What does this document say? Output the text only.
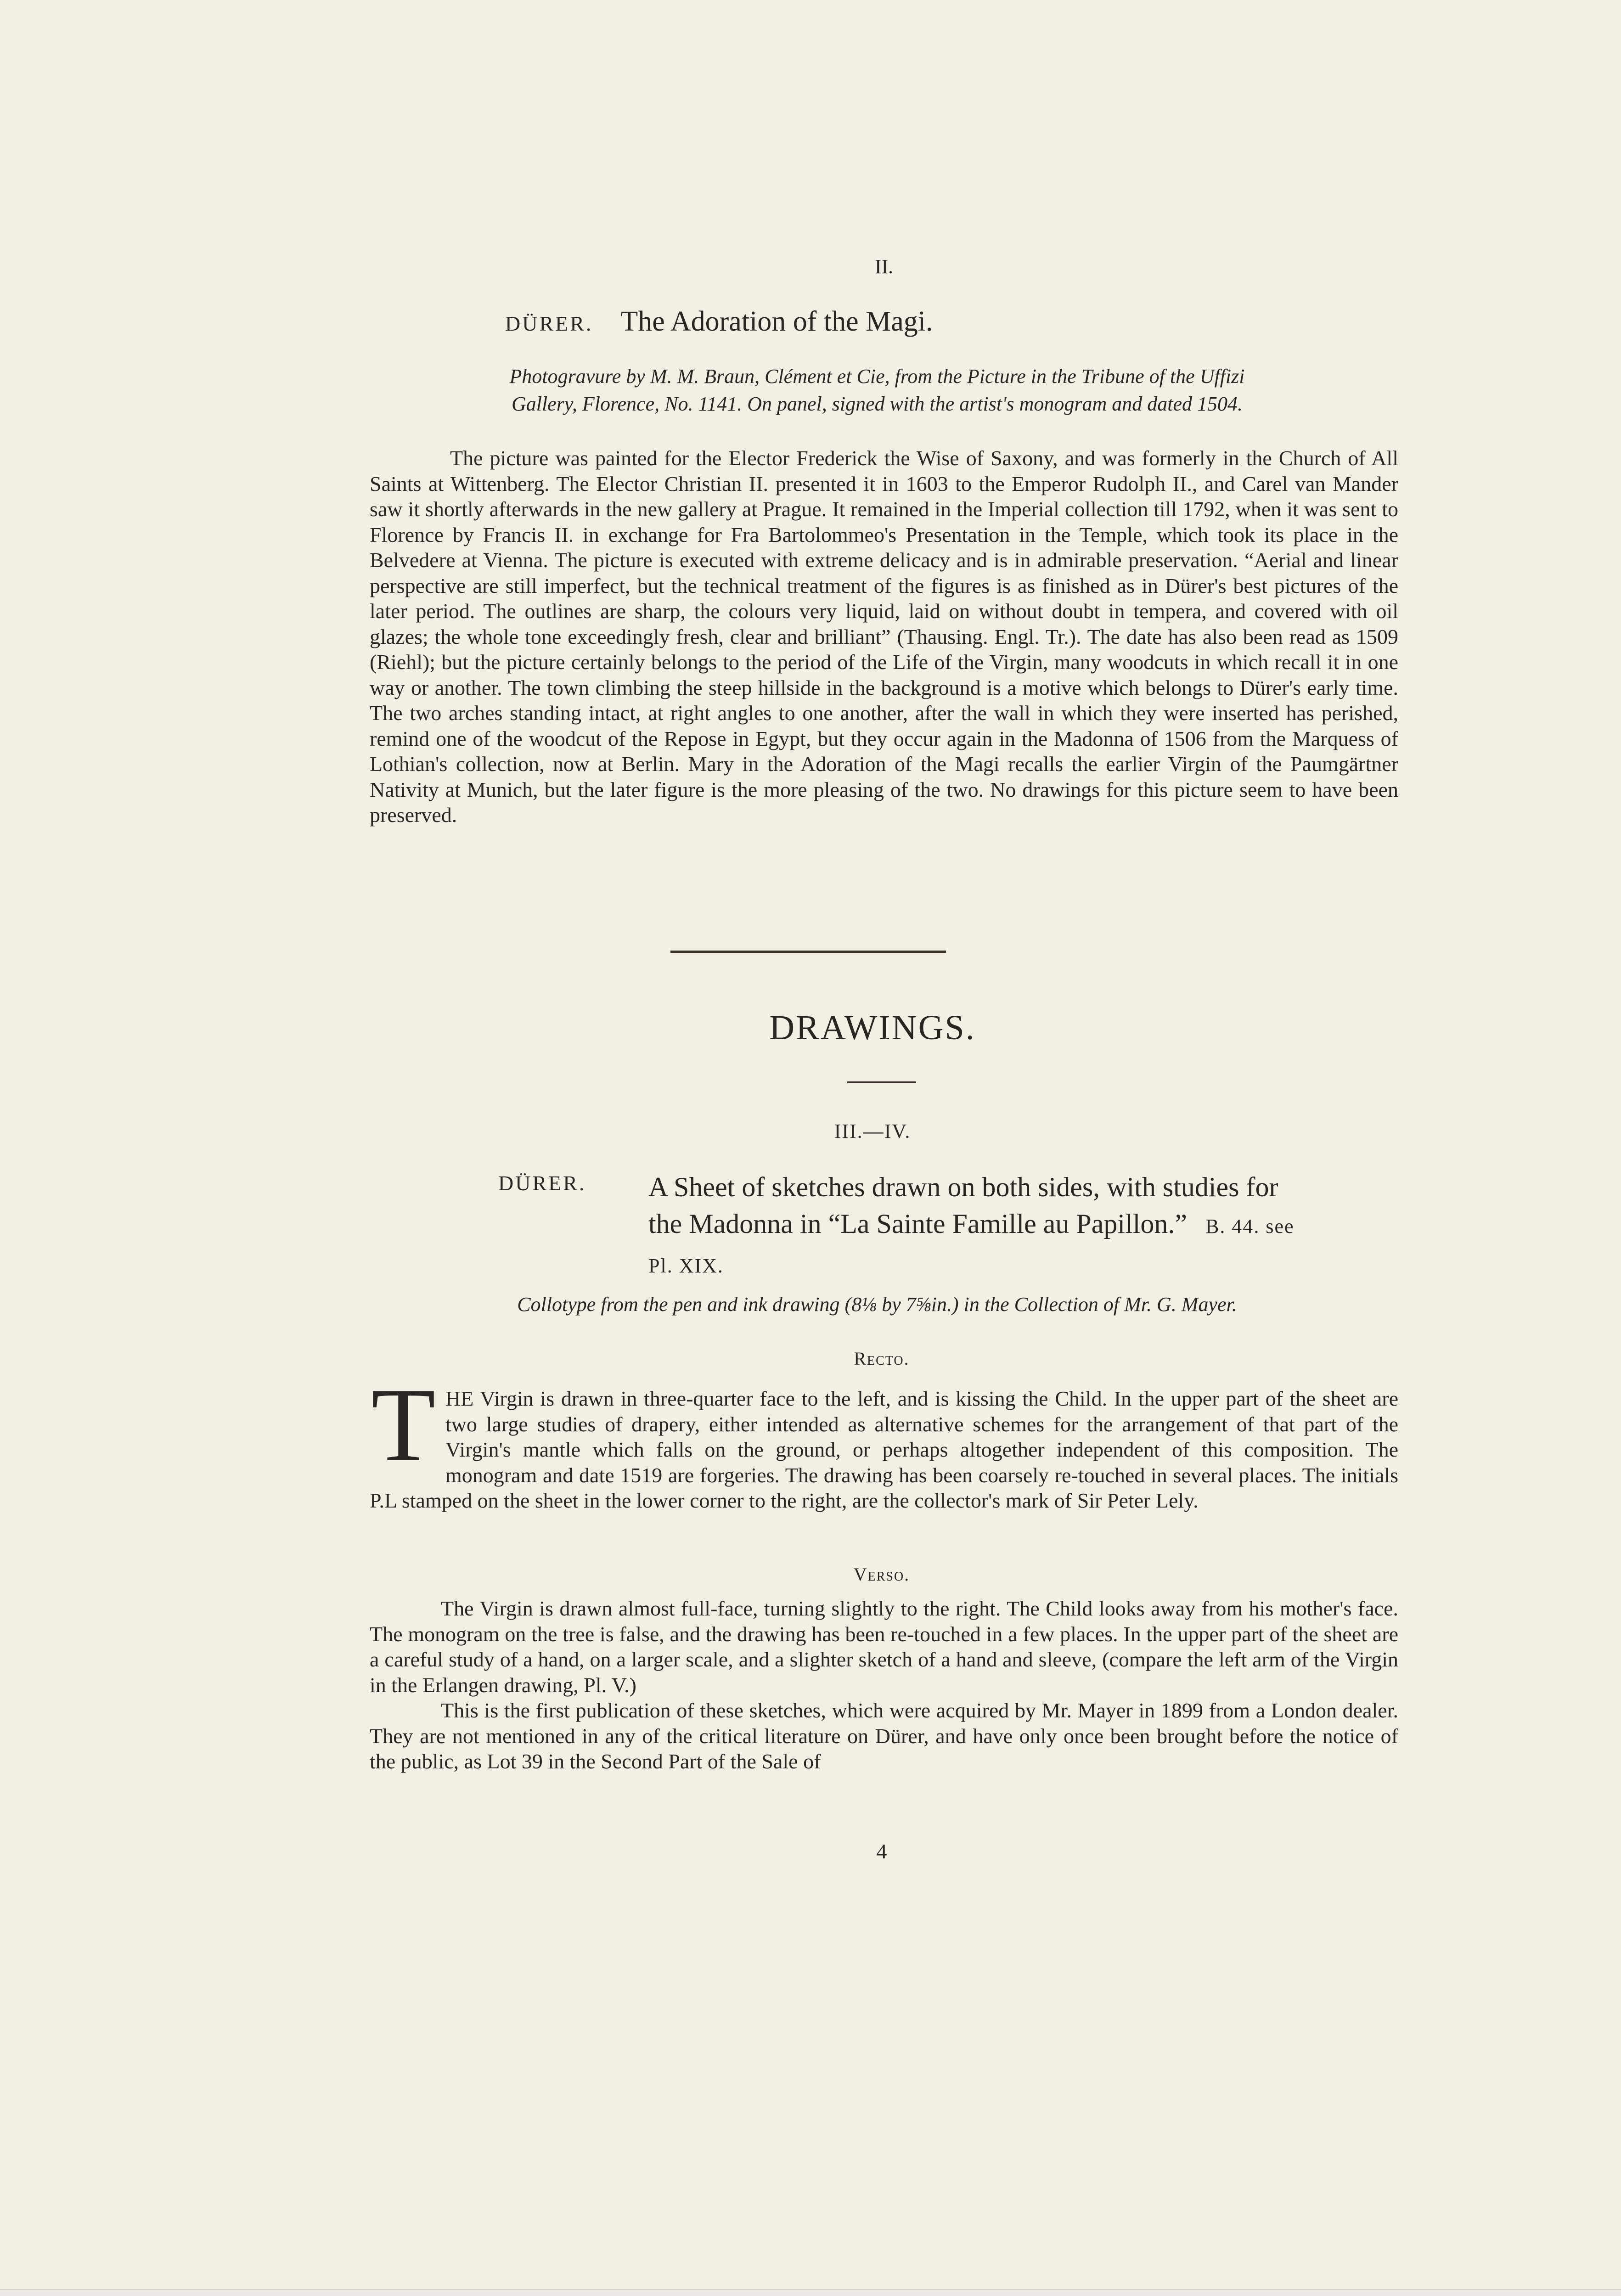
II.
DÜRER. The Adoration of the Magi.
Photogravure by M. M. Braun, Clément et Cie, from the Picture in the Tribune of the Uffizi
Gallery, Florence, No. 1141. On panel, signed with the artist's monogram and dated 1504.

The picture was painted for the Elector Frederick the Wise of Saxony, and was formerly in the Church of All Saints at Wittenberg. The Elector Christian II. presented it in 1603 to the Emperor Rudolph II., and Carel van Mander saw it shortly afterwards in the new gallery at Prague. It remained in the Imperial collection till 1792, when it was sent to Florence by Francis II. in exchange for Fra Bartolommeo's Presentation in the Temple, which took its place in the Belvedere at Vienna. The picture is executed with extreme delicacy and is in admirable preservation. “Aerial and linear perspective are still imperfect, but the technical treatment of the figures is as finished as in Dürer's best pictures of the later period. The outlines are sharp, the colours very liquid, laid on without doubt in tempera, and covered with oil glazes; the whole tone exceedingly fresh, clear and brilliant” (Thausing. Engl. Tr.). The date has also been read as 1509 (Riehl); but the picture certainly belongs to the period of the Life of the Virgin, many woodcuts in which recall it in one way or another. The town climbing the steep hillside in the background is a motive which belongs to Dürer's early time. The two arches standing intact, at right angles to one another, after the wall in which they were inserted has perished, remind one of the woodcut of the Repose in Egypt, but they occur again in the Madonna of 1506 from the Marquess of Lothian's collection, now at Berlin. Mary in the Adoration of the Magi recalls the earlier Virgin of the Paumgärtner Nativity at Munich, but the later figure is the more pleasing of the two. No drawings for this picture seem to have been preserved.

DRAWINGS.
III.—IV.
DÜRER. A Sheet of sketches drawn on both sides, with studies for the Madonna in “La Sainte Famille au Papillon.” B. 44. see Pl. XIX.
Collotype from the pen and ink drawing (8⅛ by 7⅝in.) in the Collection of Mr. G. Mayer.
Recto.
T HE Virgin is drawn in three-quarter face to the left, and is kissing the Child. In the upper part of the sheet are two large studies of drapery, either intended as alternative schemes for the arrangement of that part of the Virgin's mantle which falls on the ground, or perhaps altogether independent of this composition. The monogram and date 1519 are forgeries. The drawing has been coarsely re-touched in several places. The initials P.L stamped on the sheet in the lower corner to the right, are the collector's mark of Sir Peter Lely.

Verso.

The Virgin is drawn almost full-face, turning slightly to the right. The Child looks away from his mother's face. The monogram on the tree is false, and the drawing has been re-touched in a few places. In the upper part of the sheet are a careful study of a hand, on a larger scale, and a slighter sketch of a hand and sleeve, (compare the left arm of the Virgin in the Erlangen drawing, Pl. V.)

This is the first publication of these sketches, which were acquired by Mr. Mayer in 1899 from a London dealer. They are not mentioned in any of the critical literature on Dürer, and have only once been brought before the notice of the public, as Lot 39 in the Second Part of the Sale of

4
